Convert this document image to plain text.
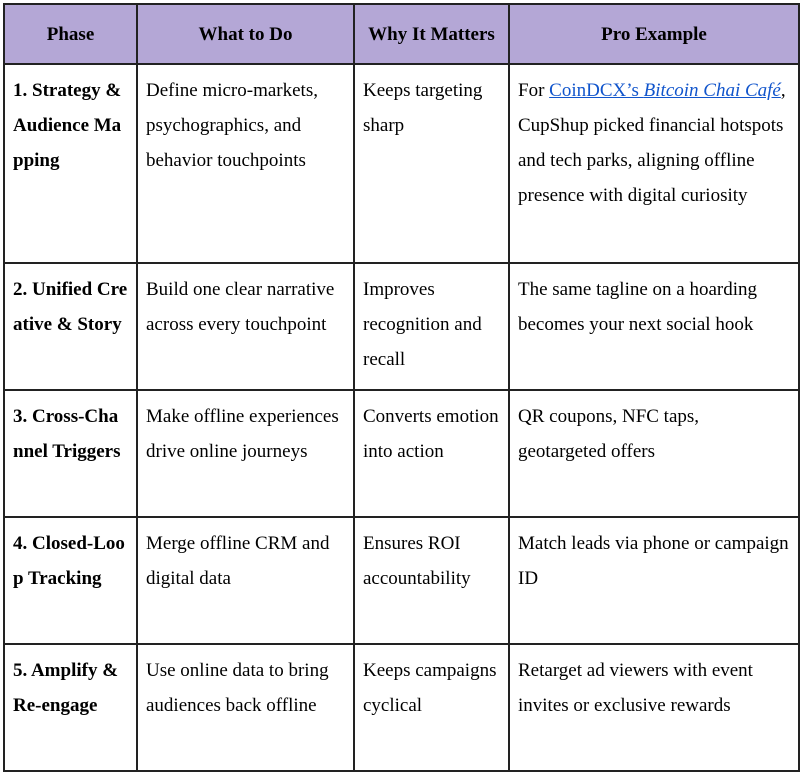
Phase	What to Do	Why It Matters	Pro Example
1. Strategy & Audience Mapping	Define micro-markets, psychographics, and behavior touchpoints	Keeps targeting sharp	For CoinDCX’s Bitcoin Chai Café, CupShup picked financial hotspots and tech parks, aligning offline presence with digital curiosity
2. Unified Creative & Story	Build one clear narrative across every touchpoint	Improves recognition and recall	The same tagline on a hoarding becomes your next social hook
3. Cross-Channel Triggers	Make offline experiences drive online journeys	Converts emotion into action	QR coupons, NFC taps, geotargeted offers
4. Closed-Loop Tracking	Merge offline CRM and digital data	Ensures ROI accountability	Match leads via phone or campaign ID
5. Amplify & Re-engage	Use online data to bring audiences back offline	Keeps campaigns cyclical	Retarget ad viewers with event invites or exclusive rewards
